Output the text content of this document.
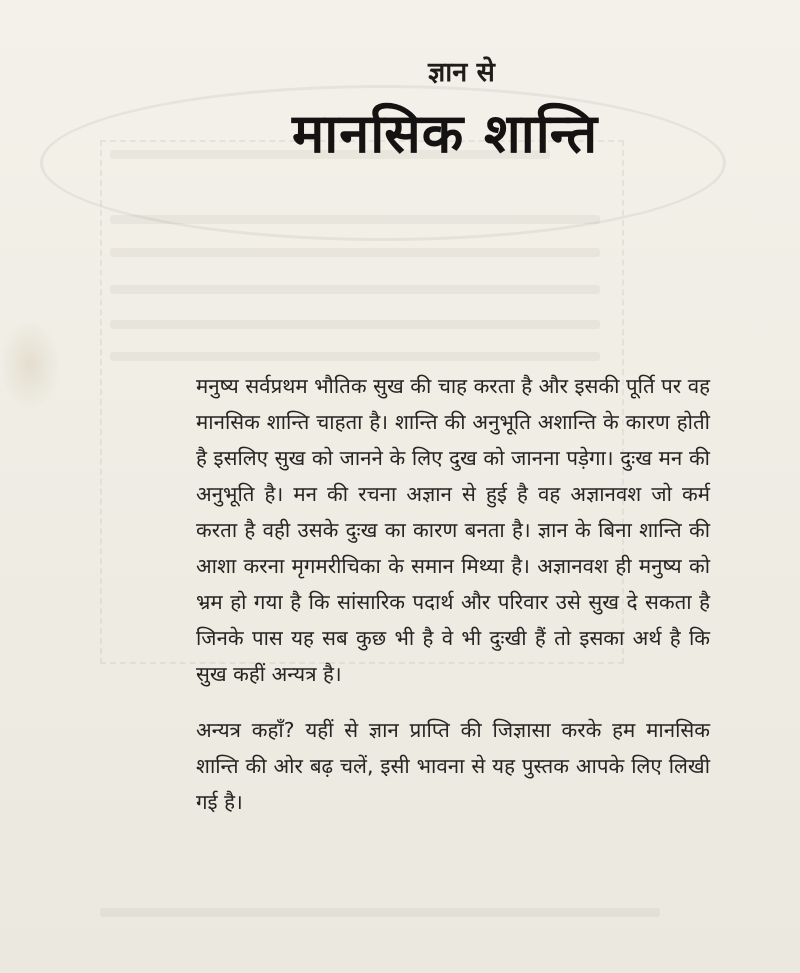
ज्ञान से
मानसिक शान्ति

मनुष्य सर्वप्रथम भौतिक सुख की चाह करता है और इसकी पूर्ति पर वह मानसिक शान्ति चाहता है। शान्ति की अनुभूति अशान्ति के कारण होती है इसलिए सुख को जानने के लिए दुख को जानना पड़ेगा। दुःख मन की अनुभूति है। मन की रचना अज्ञान से हुई है वह अज्ञानवश जो कर्म करता है वही उसके दुःख का कारण बनता है। ज्ञान के बिना शान्ति की आशा करना मृगमरीचिका के समान मिथ्या है। अज्ञानवश ही मनुष्य को भ्रम हो गया है कि सांसारिक पदार्थ और परिवार उसे सुख दे सकता है जिनके पास यह सब कुछ भी है वे भी दुःखी हैं तो इसका अर्थ है कि सुख कहीं अन्यत्र है।

अन्यत्र कहाँ? यहीं से ज्ञान प्राप्ति की जिज्ञासा करके हम मानसिक शान्ति की ओर बढ़ चलें, इसी भावना से यह पुस्तक आपके लिए लिखी गई है।
